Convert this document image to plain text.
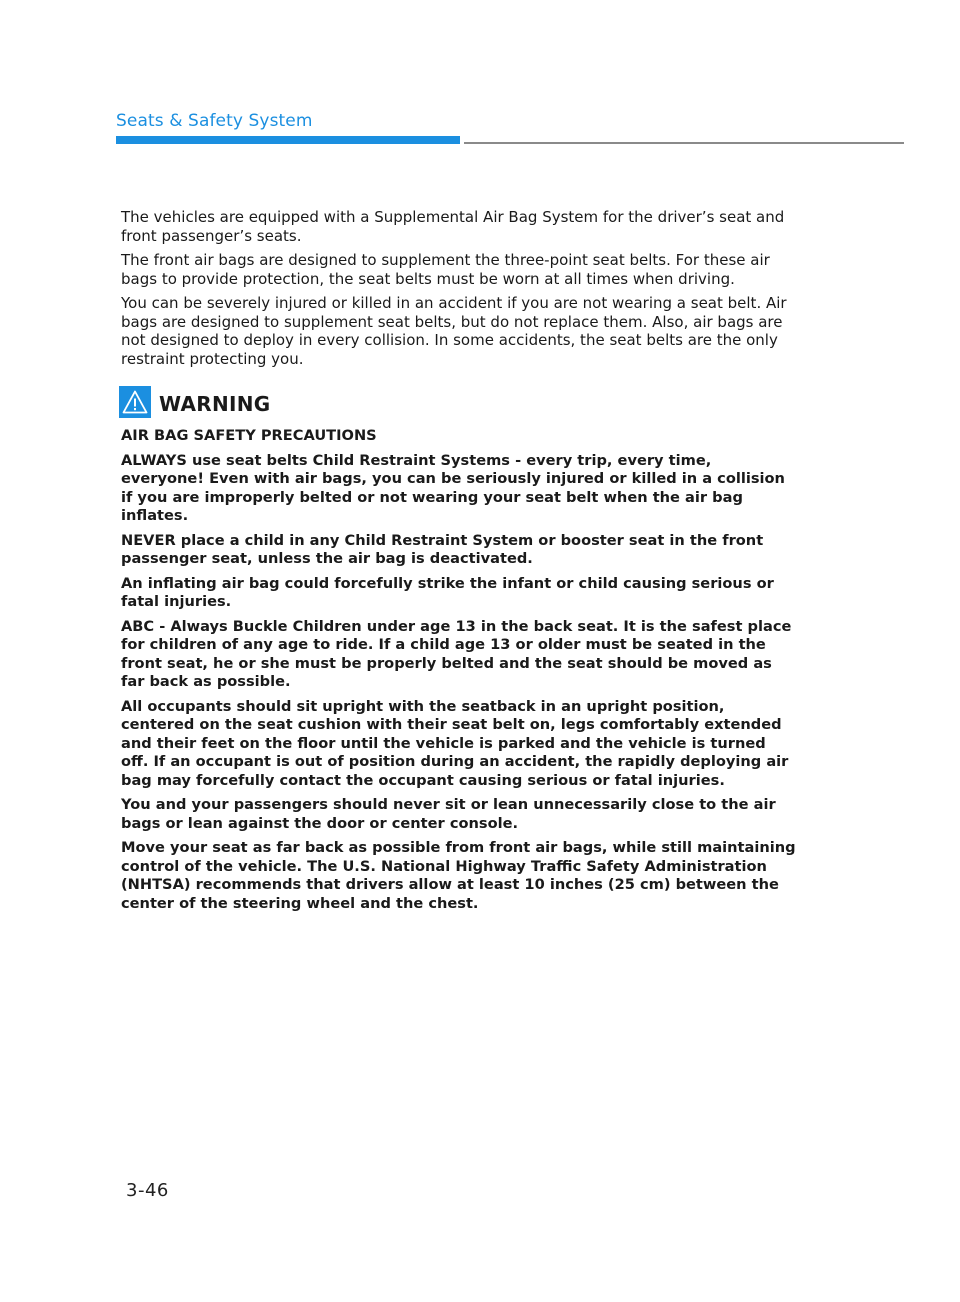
Seats & Safety System

The vehicles are equipped with a Supplemental Air Bag System for the driver’s seat and front passenger’s seats.

The front air bags are designed to supplement the three-point seat belts. For these air bags to provide protection, the seat belts must be worn at all times when driving.

You can be severely injured or killed in an accident if you are not wearing a seat belt. Air bags are designed to supplement seat belts, but do not replace them. Also, air bags are not designed to deploy in every collision. In some accidents, the seat belts are the only restraint protecting you.

WARNING

AIR BAG SAFETY PRECAUTIONS

ALWAYS use seat belts Child Restraint Systems - every trip, every time, everyone! Even with air bags, you can be seriously injured or killed in a collision if you are improperly belted or not wearing your seat belt when the air bag inflates.

NEVER place a child in any Child Restraint System or booster seat in the front passenger seat, unless the air bag is deactivated.

An inflating air bag could forcefully strike the infant or child causing serious or fatal injuries.

ABC - Always Buckle Children under age 13 in the back seat. It is the safest place for children of any age to ride. If a child age 13 or older must be seated in the front seat, he or she must be properly belted and the seat should be moved as far back as possible.

All occupants should sit upright with the seatback in an upright position, centered on the seat cushion with their seat belt on, legs comfortably extended and their feet on the floor until the vehicle is parked and the vehicle is turned off. If an occupant is out of position during an accident, the rapidly deploying air bag may forcefully contact the occupant causing serious or fatal injuries.

You and your passengers should never sit or lean unnecessarily close to the air bags or lean against the door or center console.

Move your seat as far back as possible from front air bags, while still maintaining control of the vehicle. The U.S. National Highway Traffic Safety Administration (NHTSA) recommends that drivers allow at least 10 inches (25 cm) between the center of the steering wheel and the chest.

3-46
